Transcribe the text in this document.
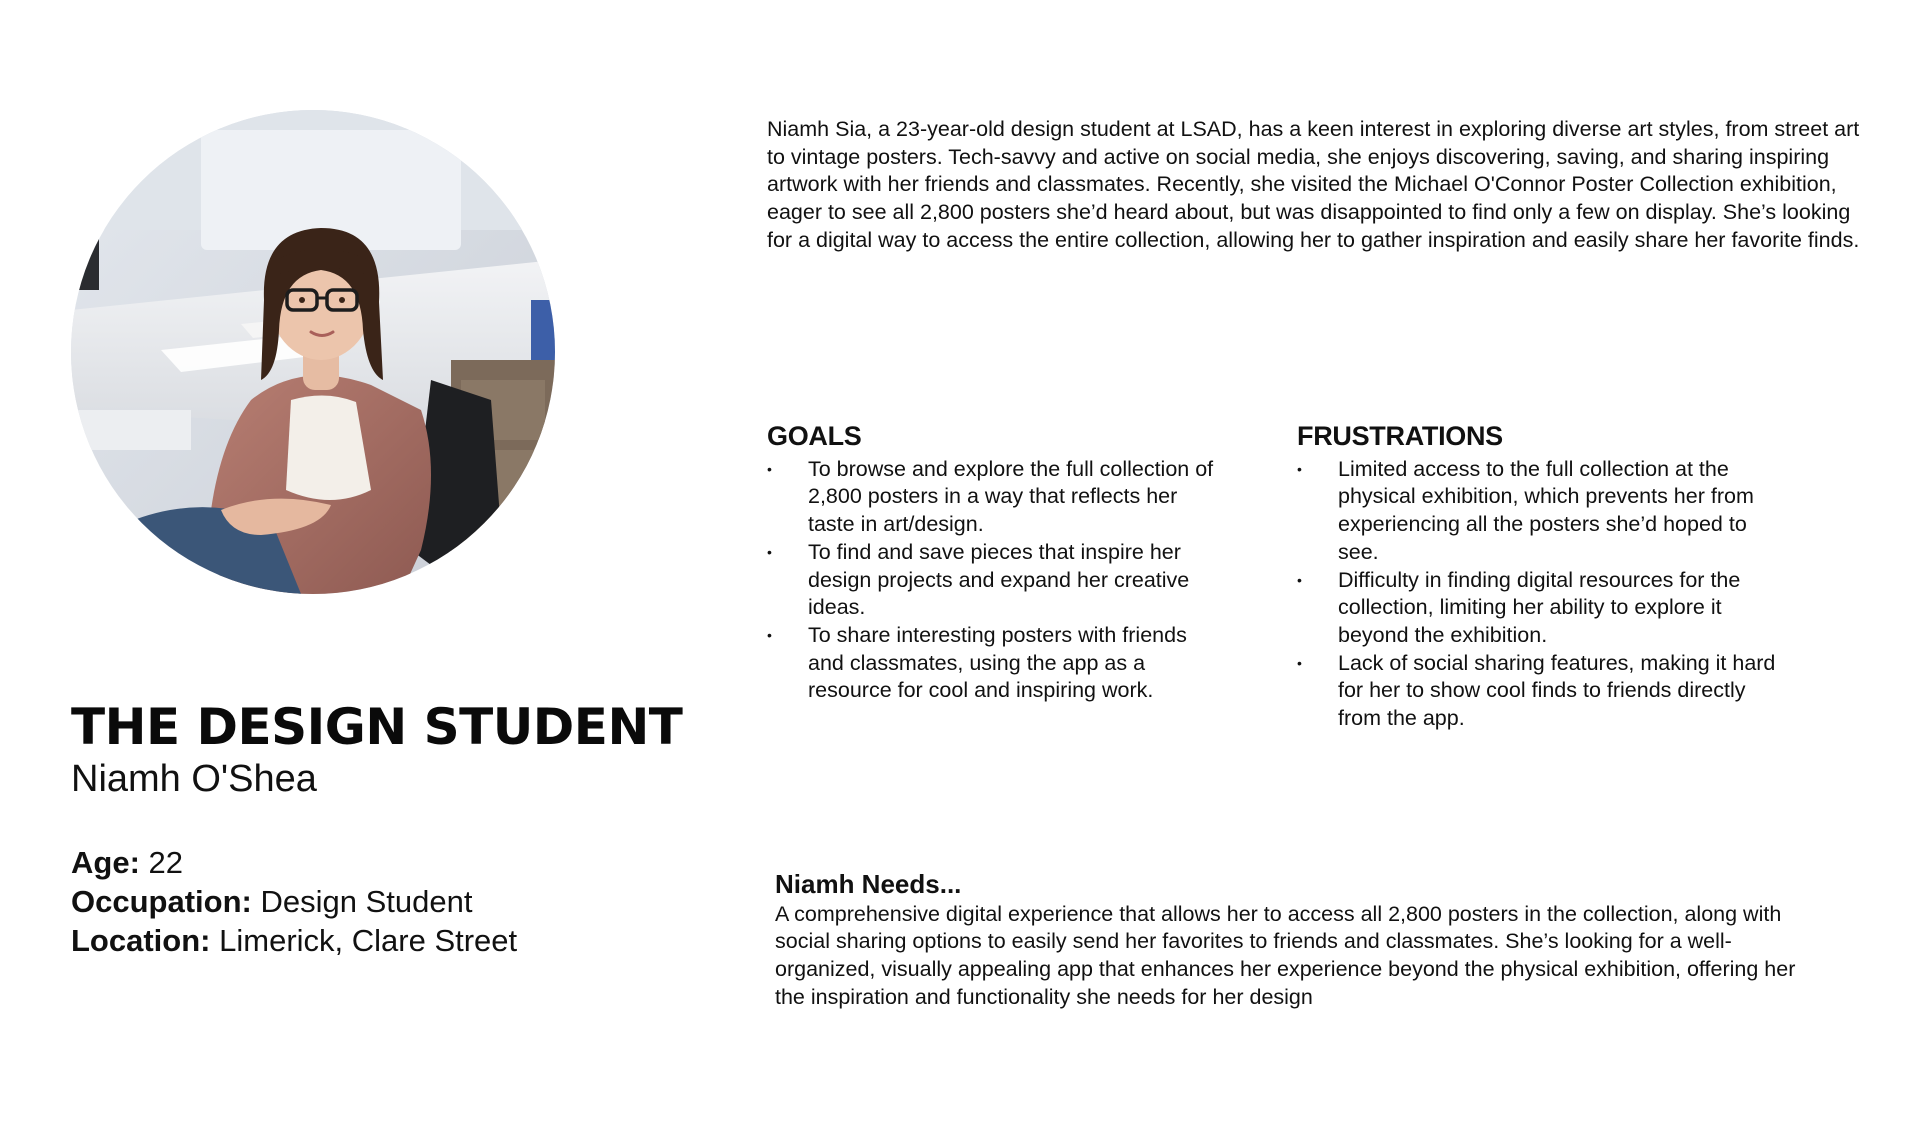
THE DESIGN STUDENT

Niamh O'Shea

Age: 22
Occupation: Design Student
Location: Limerick, Clare Street

Niamh Sia, a 23-year-old design student at LSAD, has a keen interest in exploring diverse art styles, from street art to vintage posters. Tech-savvy and active on social media, she enjoys discovering, saving, and sharing inspiring artwork with her friends and classmates. Recently, she visited the Michael O'Connor Poster Collection exhibition, eager to see all 2,800 posters she’d heard about, but was disappointed to find only a few on display. She’s looking for a digital way to access the entire collection, allowing her to gather inspiration and easily share her favorite finds.

GOALS
• To browse and explore the full collection of 2,800 posters in a way that reflects her taste in art/design.
• To find and save pieces that inspire her design projects and expand her creative ideas.
• To share interesting posters with friends and classmates, using the app as a resource for cool and inspiring work.
FRUSTRATIONS
• Limited access to the full collection at the physical exhibition, which prevents her from experiencing all the posters she’d hoped to see.
• Difficulty in finding digital resources for the collection, limiting her ability to explore it beyond the exhibition.
• Lack of social sharing features, making it hard for her to show cool finds to friends directly from the app.
Niamh Needs...

A comprehensive digital experience that allows her to access all 2,800 posters in the collection, along with social sharing options to easily send her favorites to friends and classmates. She’s looking for a well-organized, visually appealing app that enhances her experience beyond the physical exhibition, offering her the inspiration and functionality she needs for her design
